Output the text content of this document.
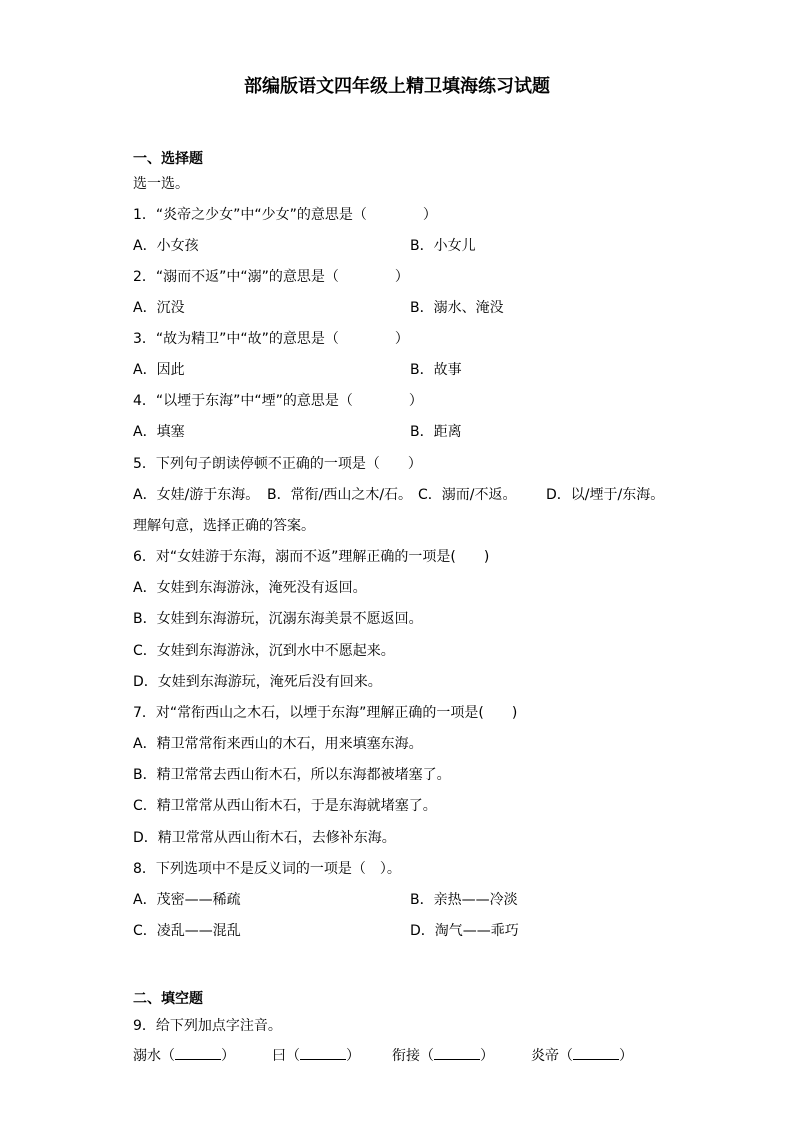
部编版语文四年级上精卫填海练习试题
一、选择题
选一选。
1．“炎帝之少女”中“少女”的意思是（　　　　）
A．小女孩	B．小女儿
2．“溺而不返”中“溺”的意思是（　　　　）
A．沉没	B．溺水、淹没
3．“故为精卫”中“故”的意思是（　　　　）
A．因此	B．故事
4．“以堙于东海”中“堙”的意思是（　　　　）
A．填塞	B．距离
5．下列句子朗读停顿不正确的一项是（　　）
A．女娃/游于东海。 B．常衔/西山之木/石。 C．溺而/不返。 D．以/堙于/东海。
理解句意，选择正确的答案。
6．对“女娃游于东海，溺而不返”理解正确的一项是(　　)
A．女娃到东海游泳，淹死没有返回。
B．女娃到东海游玩，沉溺东海美景不愿返回。
C．女娃到东海游泳，沉到水中不愿起来。
D．女娃到东海游玩，淹死后没有回来。
7．对“常衔西山之木石，以堙于东海”理解正确的一项是(　　)
A．精卫常常衔来西山的木石，用来填塞东海。
B．精卫常常去西山衔木石，所以东海都被堵塞了。
C．精卫常常从西山衔木石，于是东海就堵塞了。
D．精卫常常从西山衔木石，去修补东海。
8．下列选项中不是反义词的一项是（　）。
A．茂密——稀疏	B．亲热——冷淡
C．凌乱——混乱	D．淘气——乖巧
二、填空题
9．给下列加点字注音。
溺水（	）	曰（	） 衔接（	）	炎帝（	）
